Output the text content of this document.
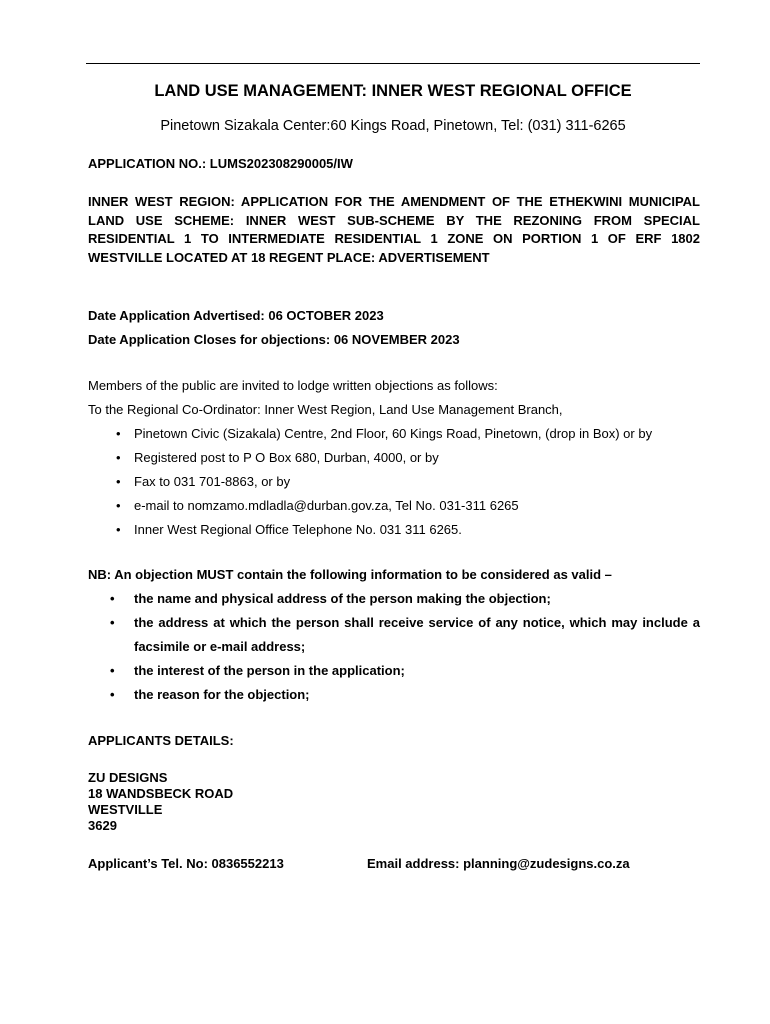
LAND USE MANAGEMENT: INNER WEST REGIONAL OFFICE
Pinetown Sizakala Center:60 Kings Road, Pinetown, Tel: (031) 311-6265
APPLICATION NO.: LUMS202308290005/IW
INNER WEST REGION: APPLICATION FOR THE AMENDMENT OF THE ETHEKWINI MUNICIPAL LAND USE SCHEME: INNER WEST SUB-SCHEME BY THE REZONING FROM SPECIAL RESIDENTIAL 1 TO INTERMEDIATE RESIDENTIAL 1 ZONE ON PORTION 1 OF ERF 1802 WESTVILLE LOCATED AT 18 REGENT PLACE: ADVERTISEMENT
Date Application Advertised: 06 OCTOBER 2023
Date Application Closes for objections: 06 NOVEMBER 2023
Members of the public are invited to lodge written objections as follows:
To the Regional Co-Ordinator: Inner West Region, Land Use Management Branch,
• Pinetown Civic (Sizakala) Centre, 2nd Floor, 60 Kings Road, Pinetown, (drop in Box) or by
• Registered post to P O Box 680, Durban, 4000, or by
• Fax to 031 701-8863, or by
• e-mail to nomzamo.mdladla@durban.gov.za, Tel No. 031-311 6265
• Inner West Regional Office Telephone No. 031 311 6265.
NB: An objection MUST contain the following information to be considered as valid –
• the name and physical address of the person making the objection;
• the address at which the person shall receive service of any notice, which may include a facsimile or e-mail address;
• the interest of the person in the application;
• the reason for the objection;
APPLICANTS DETAILS:
ZU DESIGNS
18 WANDSBECK ROAD
WESTVILLE
3629
Applicant’s Tel. No: 0836552213	Email address: planning@zudesigns.co.za
